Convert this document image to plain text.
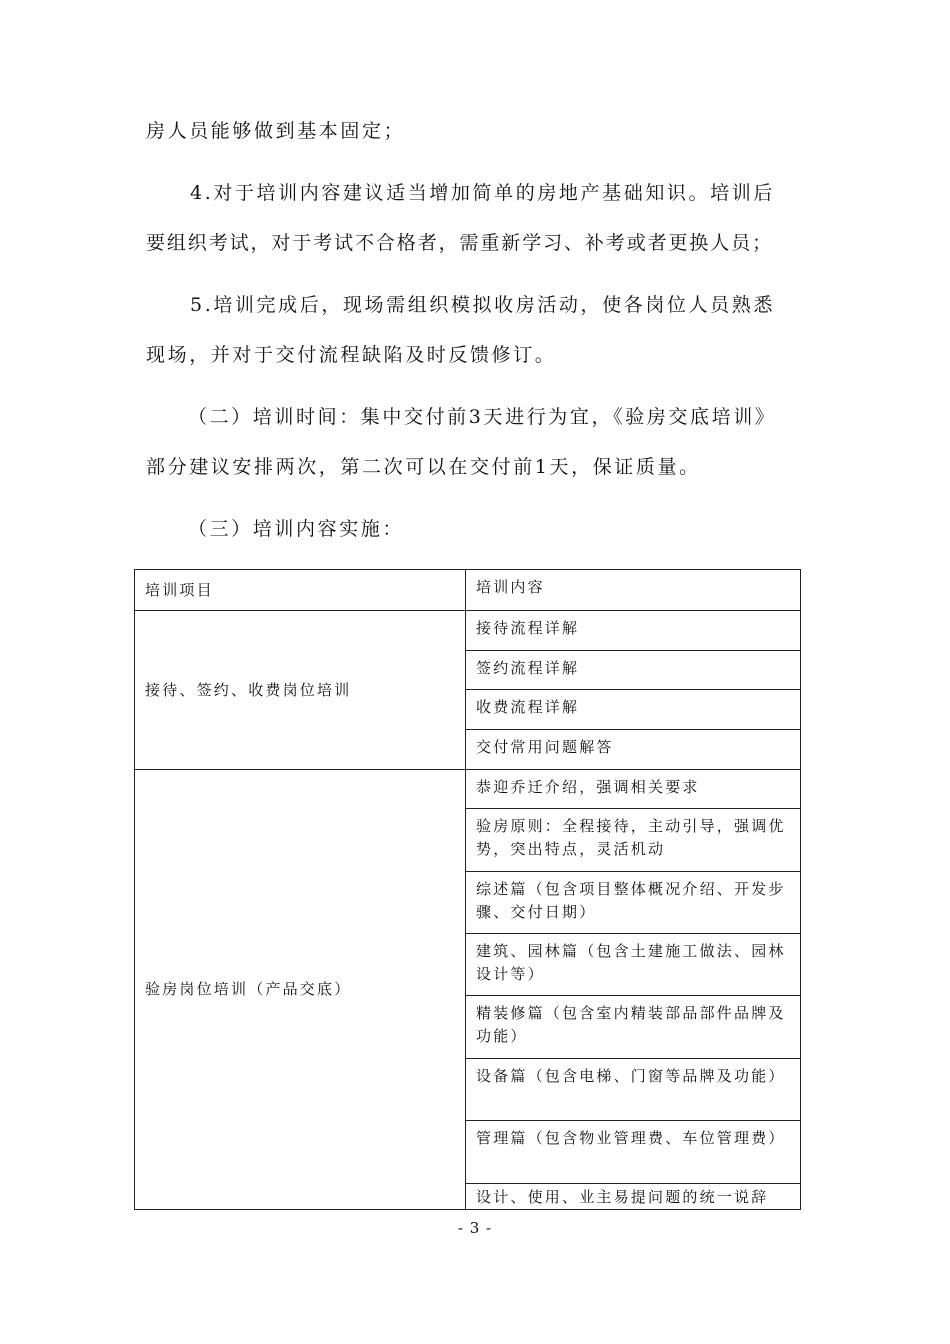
房人员能够做到基本固定；
4.对于培训内容建议适当增加简单的房地产基础知识。培训后
要组织考试，对于考试不合格者，需重新学习、补考或者更换人员；
5.培训完成后，现场需组织模拟收房活动，使各岗位人员熟悉
现场，并对于交付流程缺陷及时反馈修订。
（二）培训时间：集中交付前3天进行为宜，《验房交底培训》
部分建议安排两次，第二次可以在交付前1天，保证质量。
（三）培训内容实施：
培训项目	培训内容
接待、签约、收费岗位培训	接待流程详解
	签约流程详解
	收费流程详解
	交付常用问题解答
验房岗位培训（产品交底）	恭迎乔迁介绍，强调相关要求
	验房原则：全程接待，主动引导，强调优势，突出特点，灵活机动
	综述篇（包含项目整体概况介绍、开发步骤、交付日期）
	建筑、园林篇（包含土建施工做法、园林设计等）
	精装修篇（包含室内精装部品部件品牌及功能）
	设备篇（包含电梯、门窗等品牌及功能）
	管理篇（包含物业管理费、车位管理费）
	设计、使用、业主易提问题的统一说辞
- 3 -
